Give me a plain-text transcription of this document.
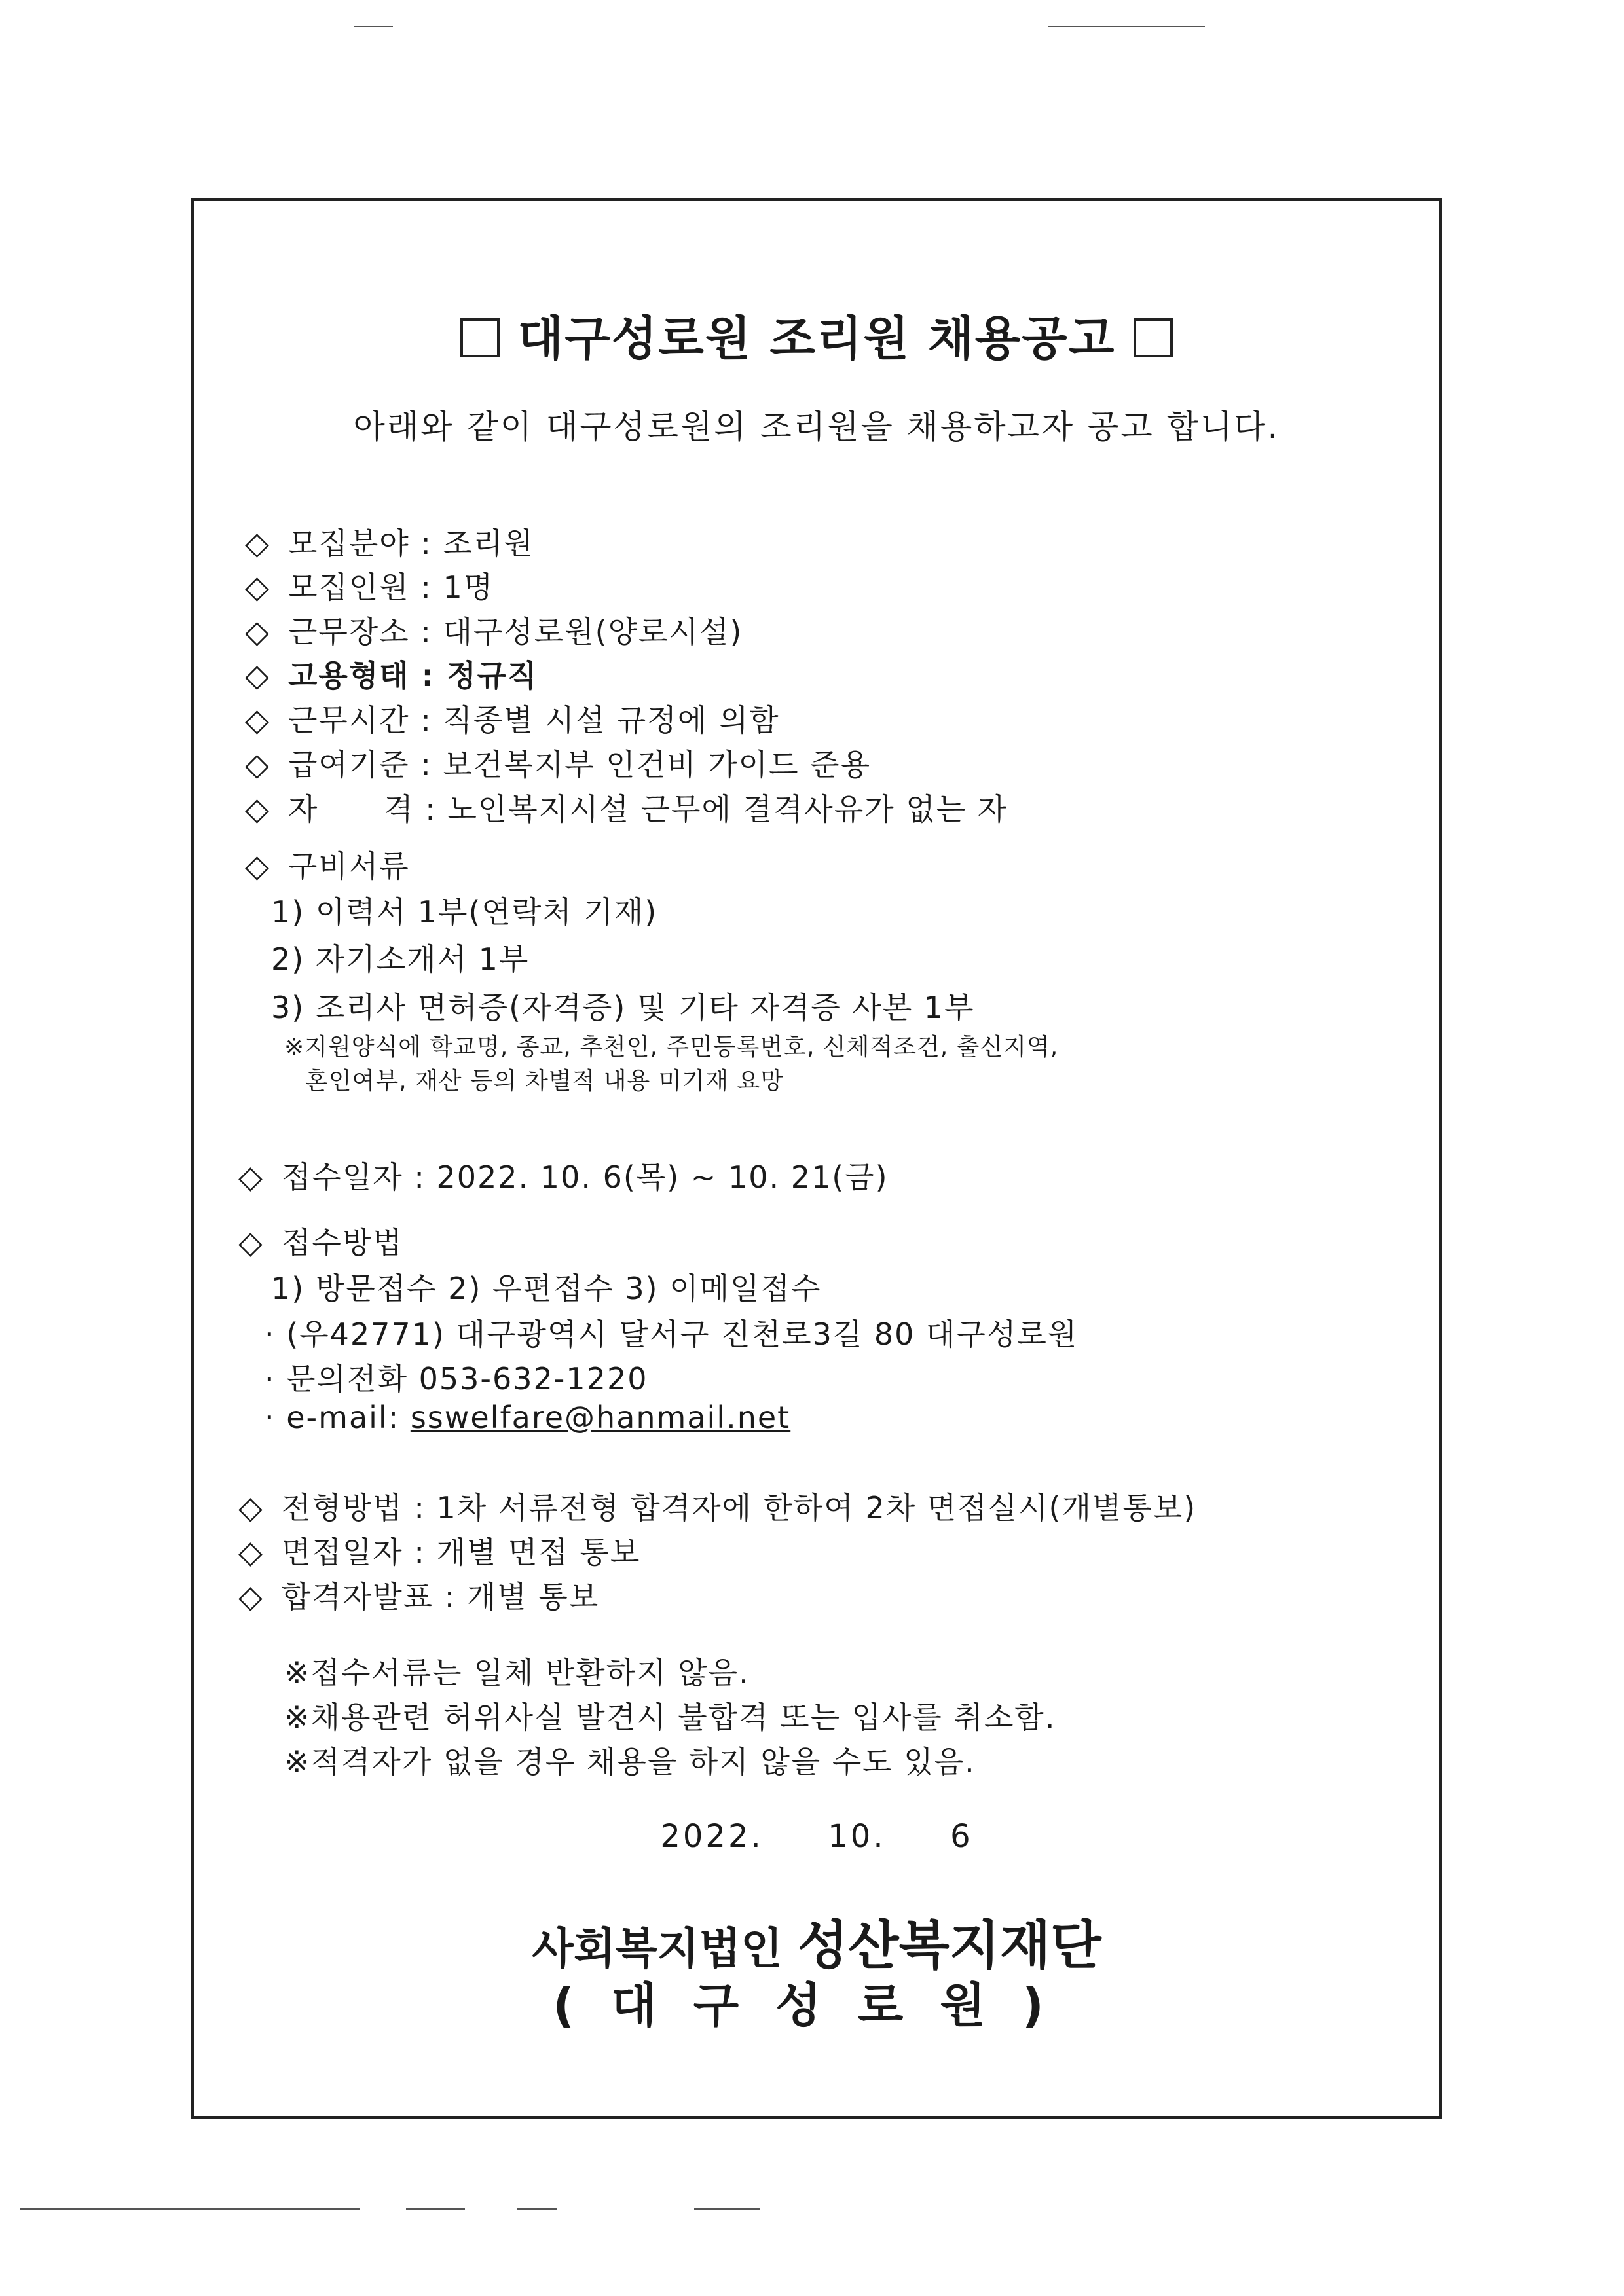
대구성로원 조리원 채용공고
아래와 같이 대구성로원의 조리원을 채용하고자 공고 합니다.
◇ 모집분야 : 조리원
◇ 모집인원 : 1명
◇ 근무장소 : 대구성로원(양로시설)
◇ 고용형태 : 정규직
◇ 근무시간 : 직종별 시설 규정에 의함
◇ 급여기준 : 보건복지부 인건비 가이드 준용
◇ 자      격 : 노인복지시설 근무에 결격사유가 없는 자
◇ 구비서류
1) 이력서 1부(연락처 기재)
2) 자기소개서 1부
3) 조리사 면허증(자격증) 및 기타 자격증 사본 1부
※지원양식에 학교명, 종교, 추천인, 주민등록번호, 신체적조건, 출신지역,
혼인여부, 재산 등의 차별적 내용 미기재 요망
◇ 접수일자 : 2022. 10. 6(목) ~ 10. 21(금)
◇ 접수방법
1) 방문접수 2) 우편접수 3) 이메일접수
· (우42771) 대구광역시 달서구 진천로3길 80 대구성로원
· 문의전화 053-632-1220
· e-mail: sswelfare@hanmail.net
◇ 전형방법 : 1차 서류전형 합격자에 한하여 2차 면접실시(개별통보)
◇ 면접일자 : 개별 면접 통보
◇ 합격자발표 : 개별 통보
※접수서류는 일체 반환하지 않음.
※채용관련 허위사실 발견시 불합격 또는 입사를 취소함.
※적격자가 없을 경우 채용을 하지 않을 수도 있음.
2022.  10.  6
사회복지법인 성산복지재단
(대구성로원)
